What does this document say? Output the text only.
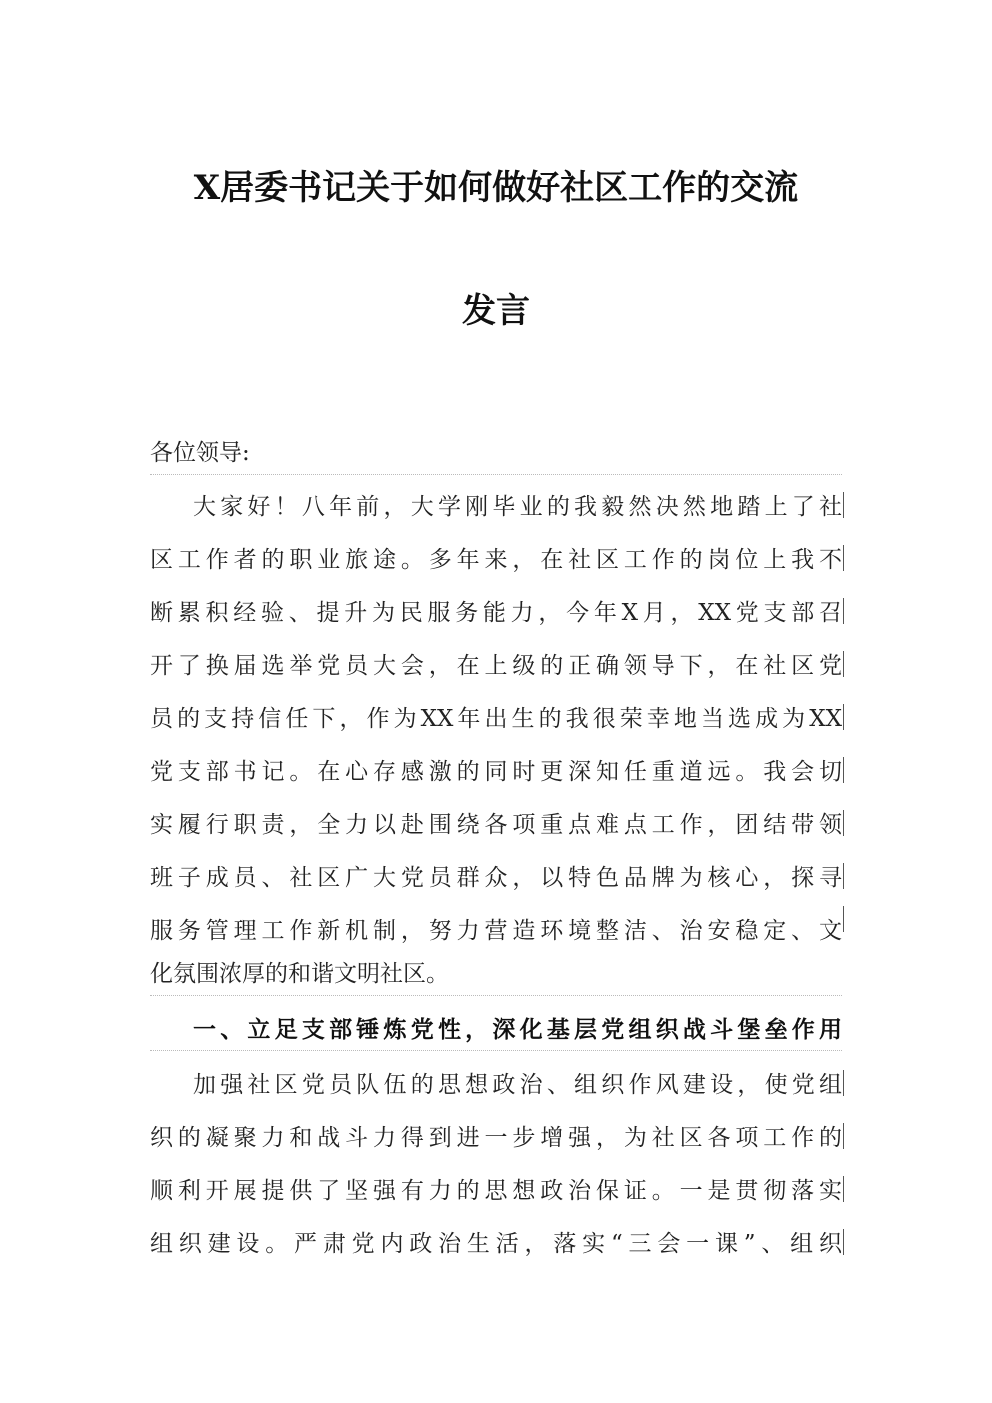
X居委书记关于如何做好社区工作的交流
发言
各位领导:
大家好！八年前，大学刚毕业的我毅然决然地踏上了社
区工作者的职业旅途。多年来，在社区工作的岗位上我不
断累积经验、提升为民服务能力，今年X月，XX党支部召
开了换届选举党员大会，在上级的正确领导下，在社区党
员的支持信任下，作为XX年出生的我很荣幸地当选成为XX
党支部书记。在心存感激的同时更深知任重道远。我会切
实履行职责，全力以赴围绕各项重点难点工作，团结带领
班子成员、社区广大党员群众，以特色品牌为核心，探寻
服务管理工作新机制，努力营造环境整洁、治安稳定、文
化氛围浓厚的和谐文明社区。
一、立足支部锤炼党性，深化基层党组织战斗堡垒作用
加强社区党员队伍的思想政治、组织作风建设，使党组
织的凝聚力和战斗力得到进一步增强，为社区各项工作的
顺利开展提供了坚强有力的思想政治保证。一是贯彻落实
组织建设。严肃党内政治生活，落实“三会一课”、组织
